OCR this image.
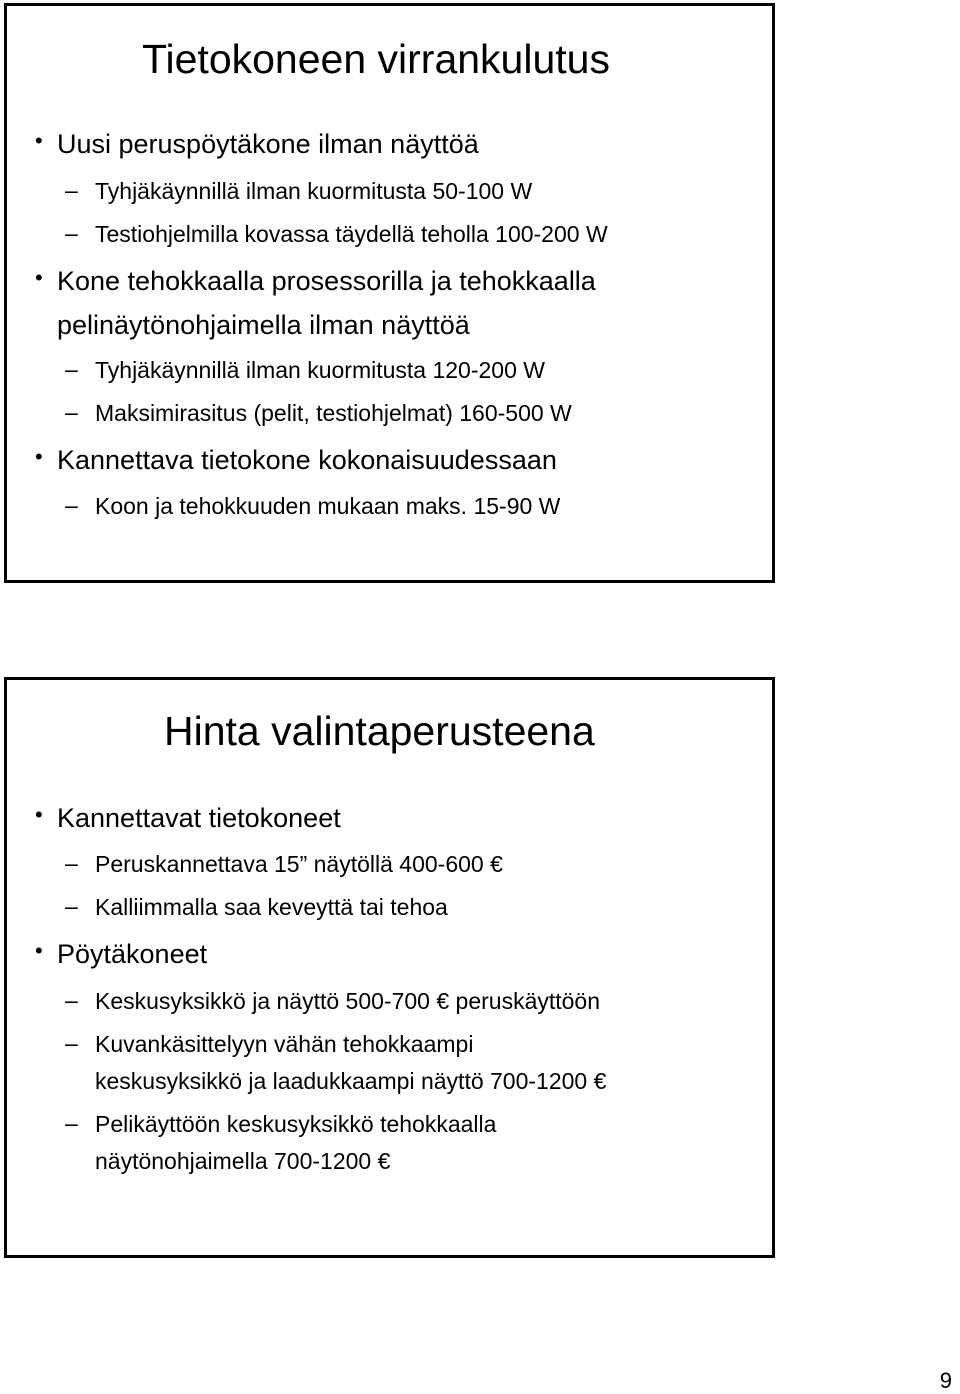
Tietokoneen virrankulutus
• Uusi peruspöytäkone ilman näyttöä
– Tyhjäkäynnillä ilman kuormitusta 50-100 W
– Testiohjelmilla kovassa täydellä teholla 100-200 W
• Kone tehokkaalla prosessorilla ja tehokkaalla
pelinäytönohjaimella ilman näyttöä
– Tyhjäkäynnillä ilman kuormitusta 120-200 W
– Maksimirasitus (pelit, testiohjelmat) 160-500 W
• Kannettava tietokone kokonaisuudessaan
– Koon ja tehokkuuden mukaan maks. 15-90 W
Hinta valintaperusteena
• Kannettavat tietokoneet
– Peruskannettava 15” näytöllä 400-600 €
– Kalliimmalla saa keveyttä tai tehoa
• Pöytäkoneet
– Keskusyksikkö ja näyttö 500-700 € peruskäyttöön
– Kuvankäsittelyyn vähän tehokkaampi
keskusyksikkö ja laadukkaampi näyttö 700-1200 €
– Pelikäyttöön keskusyksikkö tehokkaalla
näytönohjaimella 700-1200 €
9
